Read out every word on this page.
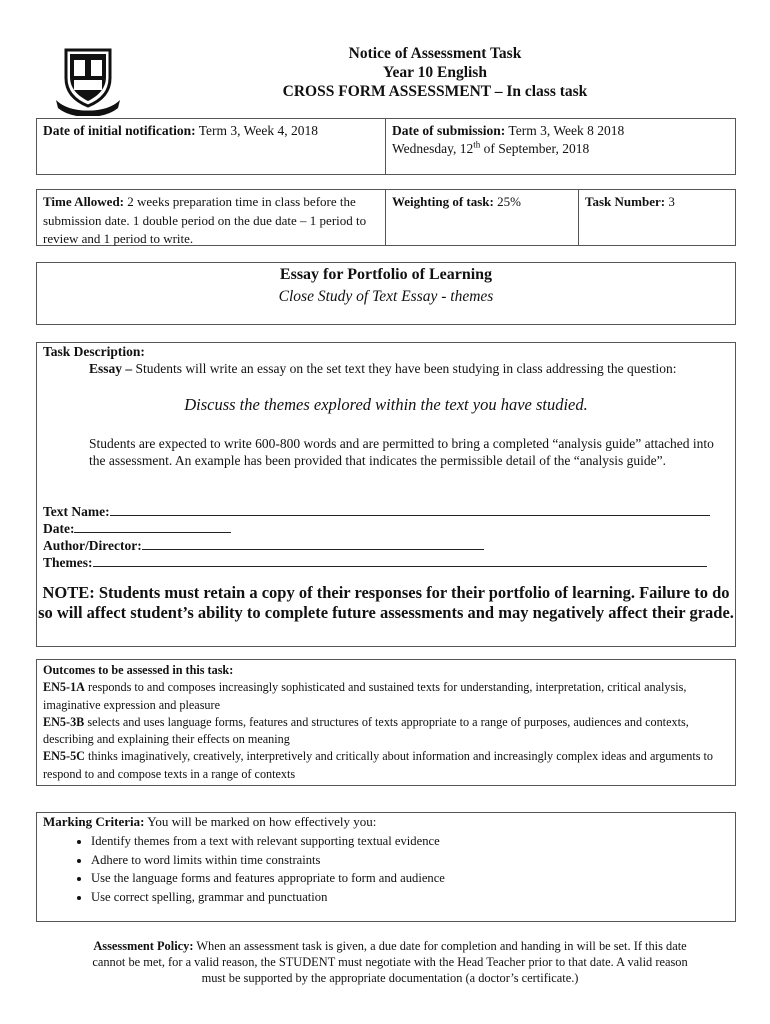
Notice of Assessment Task
Year 10 English
CROSS FORM ASSESSMENT – In class task
Date of initial notification: Term 3, Week 4, 2018	Date of submission: Term 3, Week 8 2018
Wednesday, 12th of September, 2018
Time Allowed: 2 weeks preparation time in class before the submission date. 1 double period on the due date – 1 period to review and 1 period to write.
Weighting of task: 25%	Task Number: 3
Essay for Portfolio of Learning
Close Study of Text Essay - themes
Task Description:
Essay – Students will write an essay on the set text they have been studying in class addressing the question:
Discuss the themes explored within the text you have studied.
Students are expected to write 600-800 words and are permitted to bring a completed “analysis guide” attached into the assessment. An example has been provided that indicates the permissible detail of the “analysis guide”.
Text Name:
Date:
Author/Director:
Themes:
NOTE: Students must retain a copy of their responses for their portfolio of learning. Failure to do so will affect student’s ability to complete future assessments and may negatively affect their grade.
Outcomes to be assessed in this task:
EN5-1A responds to and composes increasingly sophisticated and sustained texts for understanding, interpretation, critical analysis, imaginative expression and pleasure
EN5-3B selects and uses language forms, features and structures of texts appropriate to a range of purposes, audiences and contexts, describing and explaining their effects on meaning
EN5-5C thinks imaginatively, creatively, interpretively and critically about information and increasingly complex ideas and arguments to respond to and compose texts in a range of contexts
Marking Criteria: You will be marked on how effectively you:
• Identify themes from a text with relevant supporting textual evidence
• Adhere to word limits within time constraints
• Use the language forms and features appropriate to form and audience
• Use correct spelling, grammar and punctuation
Assessment Policy: When an assessment task is given, a due date for completion and handing in will be set. If this date cannot be met, for a valid reason, the STUDENT must negotiate with the Head Teacher prior to that date. A valid reason must be supported by the appropriate documentation (a doctor’s certificate.)
